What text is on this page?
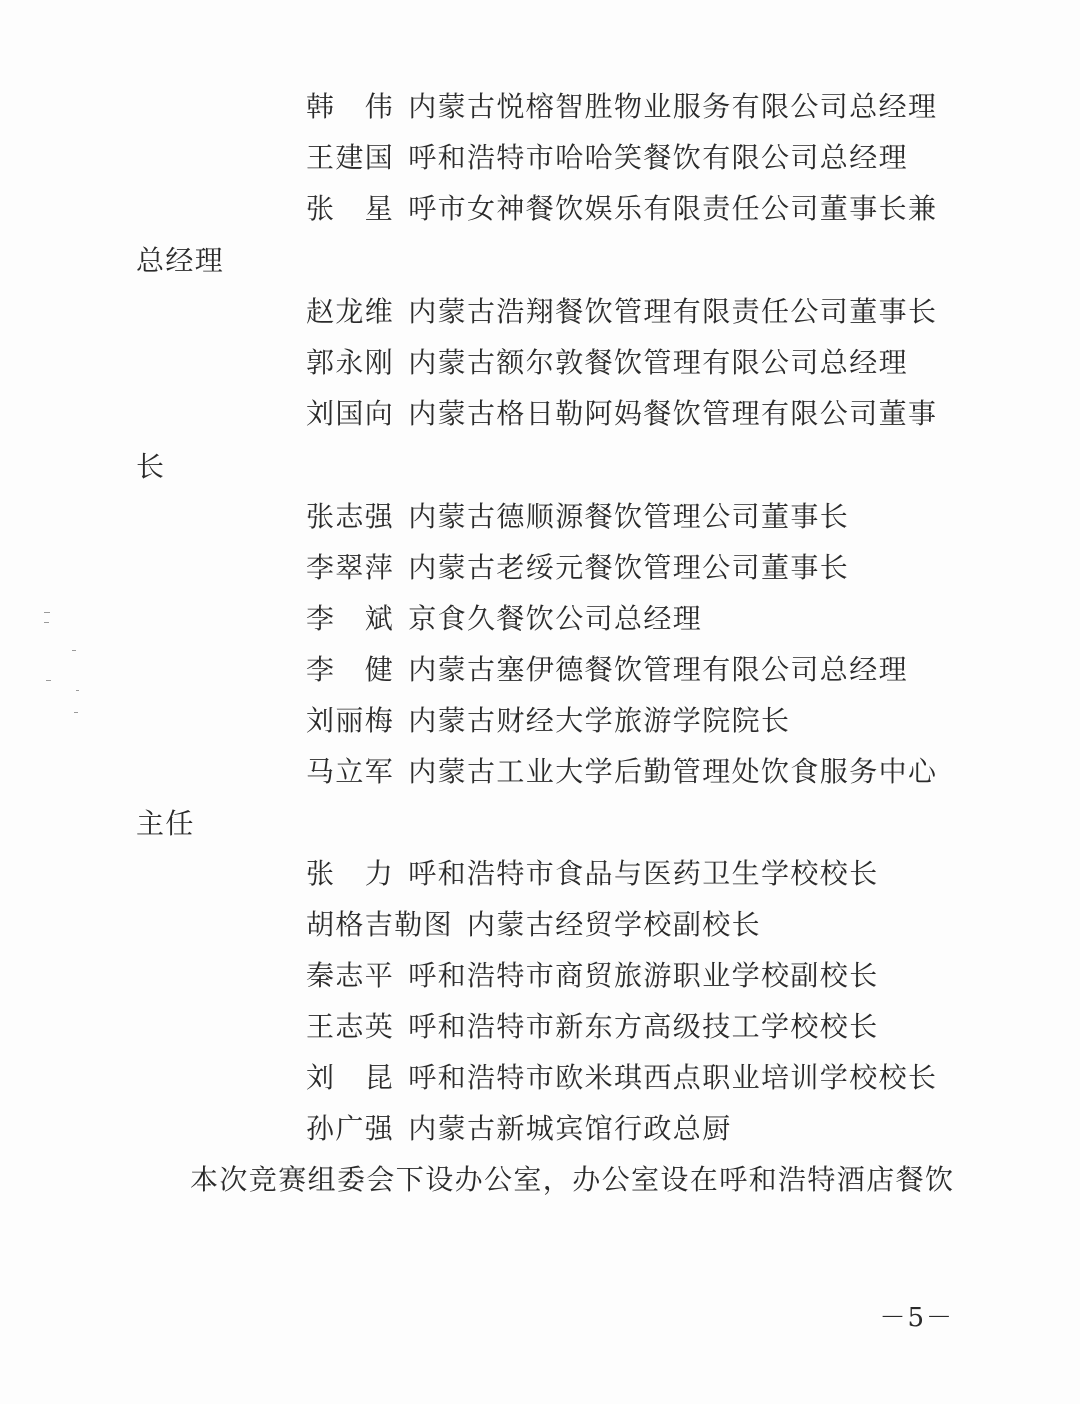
韩　伟 内蒙古悦榕智胜物业服务有限公司总经理
王建国 呼和浩特市哈哈笑餐饮有限公司总经理
张　星 呼市女神餐饮娱乐有限责任公司董事长兼
总经理
赵龙维 内蒙古浩翔餐饮管理有限责任公司董事长
郭永刚 内蒙古额尔敦餐饮管理有限公司总经理
刘国向 内蒙古格日勒阿妈餐饮管理有限公司董事
长
张志强 内蒙古德顺源餐饮管理公司董事长
李翠萍 内蒙古老绥元餐饮管理公司董事长
李　斌 京食久餐饮公司总经理
李　健 内蒙古塞伊德餐饮管理有限公司总经理
刘丽梅 内蒙古财经大学旅游学院院长
马立军 内蒙古工业大学后勤管理处饮食服务中心
主任
张　力 呼和浩特市食品与医药卫生学校校长
胡格吉勒图 内蒙古经贸学校副校长
秦志平 呼和浩特市商贸旅游职业学校副校长
王志英 呼和浩特市新东方高级技工学校校长
刘　昆 呼和浩特市欧米琪西点职业培训学校校长
孙广强 内蒙古新城宾馆行政总厨
本次竞赛组委会下设办公室，办公室设在呼和浩特酒店餐饮
－5－
